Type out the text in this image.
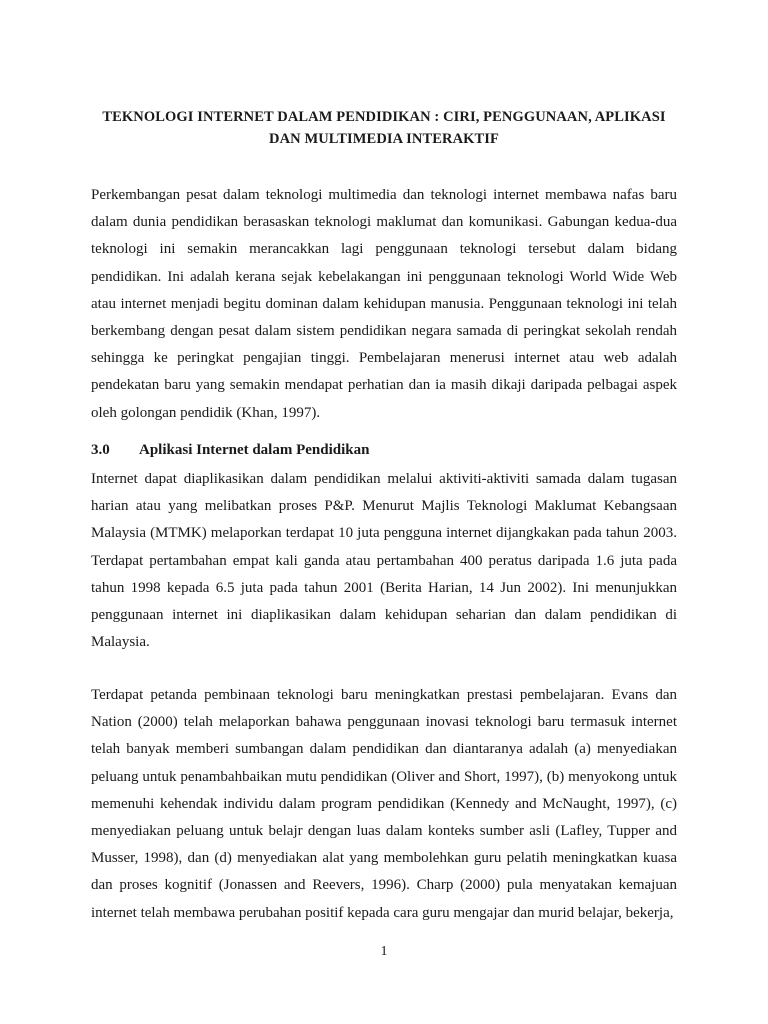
TEKNOLOGI INTERNET DALAM PENDIDIKAN : CIRI, PENGGUNAAN, APLIKASI
DAN MULTIMEDIA INTERAKTIF

Perkembangan pesat dalam teknologi multimedia dan teknologi internet membawa nafas baru dalam dunia pendidikan berasaskan teknologi maklumat dan komunikasi. Gabungan kedua-dua teknologi ini semakin merancakkan lagi penggunaan teknologi tersebut dalam bidang pendidikan. Ini adalah kerana sejak kebelakangan ini penggunaan teknologi World Wide Web atau internet menjadi begitu dominan dalam kehidupan manusia. Penggunaan teknologi ini telah berkembang dengan pesat dalam sistem pendidikan negara samada di peringkat sekolah rendah sehingga ke peringkat pengajian tinggi. Pembelajaran menerusi internet atau web adalah pendekatan baru yang semakin mendapat perhatian dan ia masih dikaji daripada pelbagai aspek oleh golongan pendidik (Khan, 1997).

3.0 Aplikasi Internet dalam Pendidikan

Internet dapat diaplikasikan dalam pendidikan melalui aktiviti-aktiviti samada dalam tugasan harian atau yang melibatkan proses P&P. Menurut Majlis Teknologi Maklumat Kebangsaan Malaysia (MTMK) melaporkan terdapat 10 juta pengguna internet dijangkakan pada tahun 2003. Terdapat pertambahan empat kali ganda atau pertambahan 400 peratus daripada 1.6 juta pada tahun 1998 kepada 6.5 juta pada tahun 2001 (Berita Harian, 14 Jun 2002). Ini menunjukkan penggunaan internet ini diaplikasikan dalam kehidupan seharian dan dalam pendidikan di Malaysia.

Terdapat petanda pembinaan teknologi baru meningkatkan prestasi pembelajaran. Evans dan Nation (2000) telah melaporkan bahawa penggunaan inovasi teknologi baru termasuk internet telah banyak memberi sumbangan dalam pendidikan dan diantaranya adalah (a) menyediakan peluang untuk penambahbaikan mutu pendidikan (Oliver and Short, 1997), (b) menyokong untuk memenuhi kehendak individu dalam program pendidikan (Kennedy and McNaught, 1997), (c) menyediakan peluang untuk belajr dengan luas dalam konteks sumber asli (Lafley, Tupper and Musser, 1998), dan (d) menyediakan alat yang membolehkan guru pelatih meningkatkan kuasa dan proses kognitif (Jonassen and Reevers, 1996). Charp (2000) pula menyatakan kemajuan internet telah membawa perubahan positif kepada cara guru mengajar dan murid belajar, bekerja,

1
